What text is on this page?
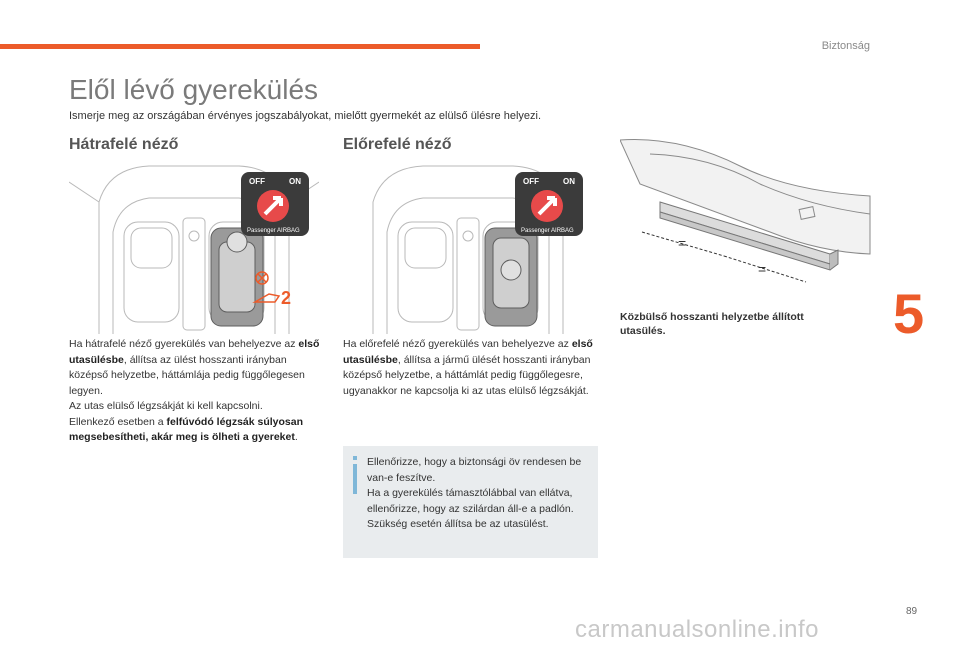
Biztonság
Elől lévő gyerekülés
Ismerje meg az országában érvényes jogszabályokat, mielőtt gyermekét az elülső ülésre helyezi.
Hátrafelé néző	Előrefelé néző
OFF	ON
Passenger AIRBAG
2
OFF	ON
Passenger AIRBAG
=
=
Ha hátrafelé néző gyerekülés van behelyezve az első utasülésbe, állítsa az ülést hosszanti irányban középső helyzetbe, háttámlája pedig függőlegesen legyen.
Az utas elülső légzsákját ki kell kapcsolni.
Ellenkező esetben a felfúvódó légzsák súlyosan megsebesítheti, akár meg is ölheti a gyereket.
Ha előrefelé néző gyerekülés van behelyezve az első utasülésbe, állítsa a jármű ülését hosszanti irányban középső helyzetbe, a háttámlát pedig függőlegesre, ugyanakkor ne kapcsolja ki az utas elülső légzsákját.
Ellenőrizze, hogy a biztonsági öv rendesen be van-e feszítve.
Ha a gyerekülés támasztólábbal van ellátva, ellenőrizze, hogy az szilárdan áll-e a padlón. Szükség esetén állítsa be az utasülést.
Közbülső hosszanti helyzetbe állított utasülés.	5
89
carmanualsonline.info
